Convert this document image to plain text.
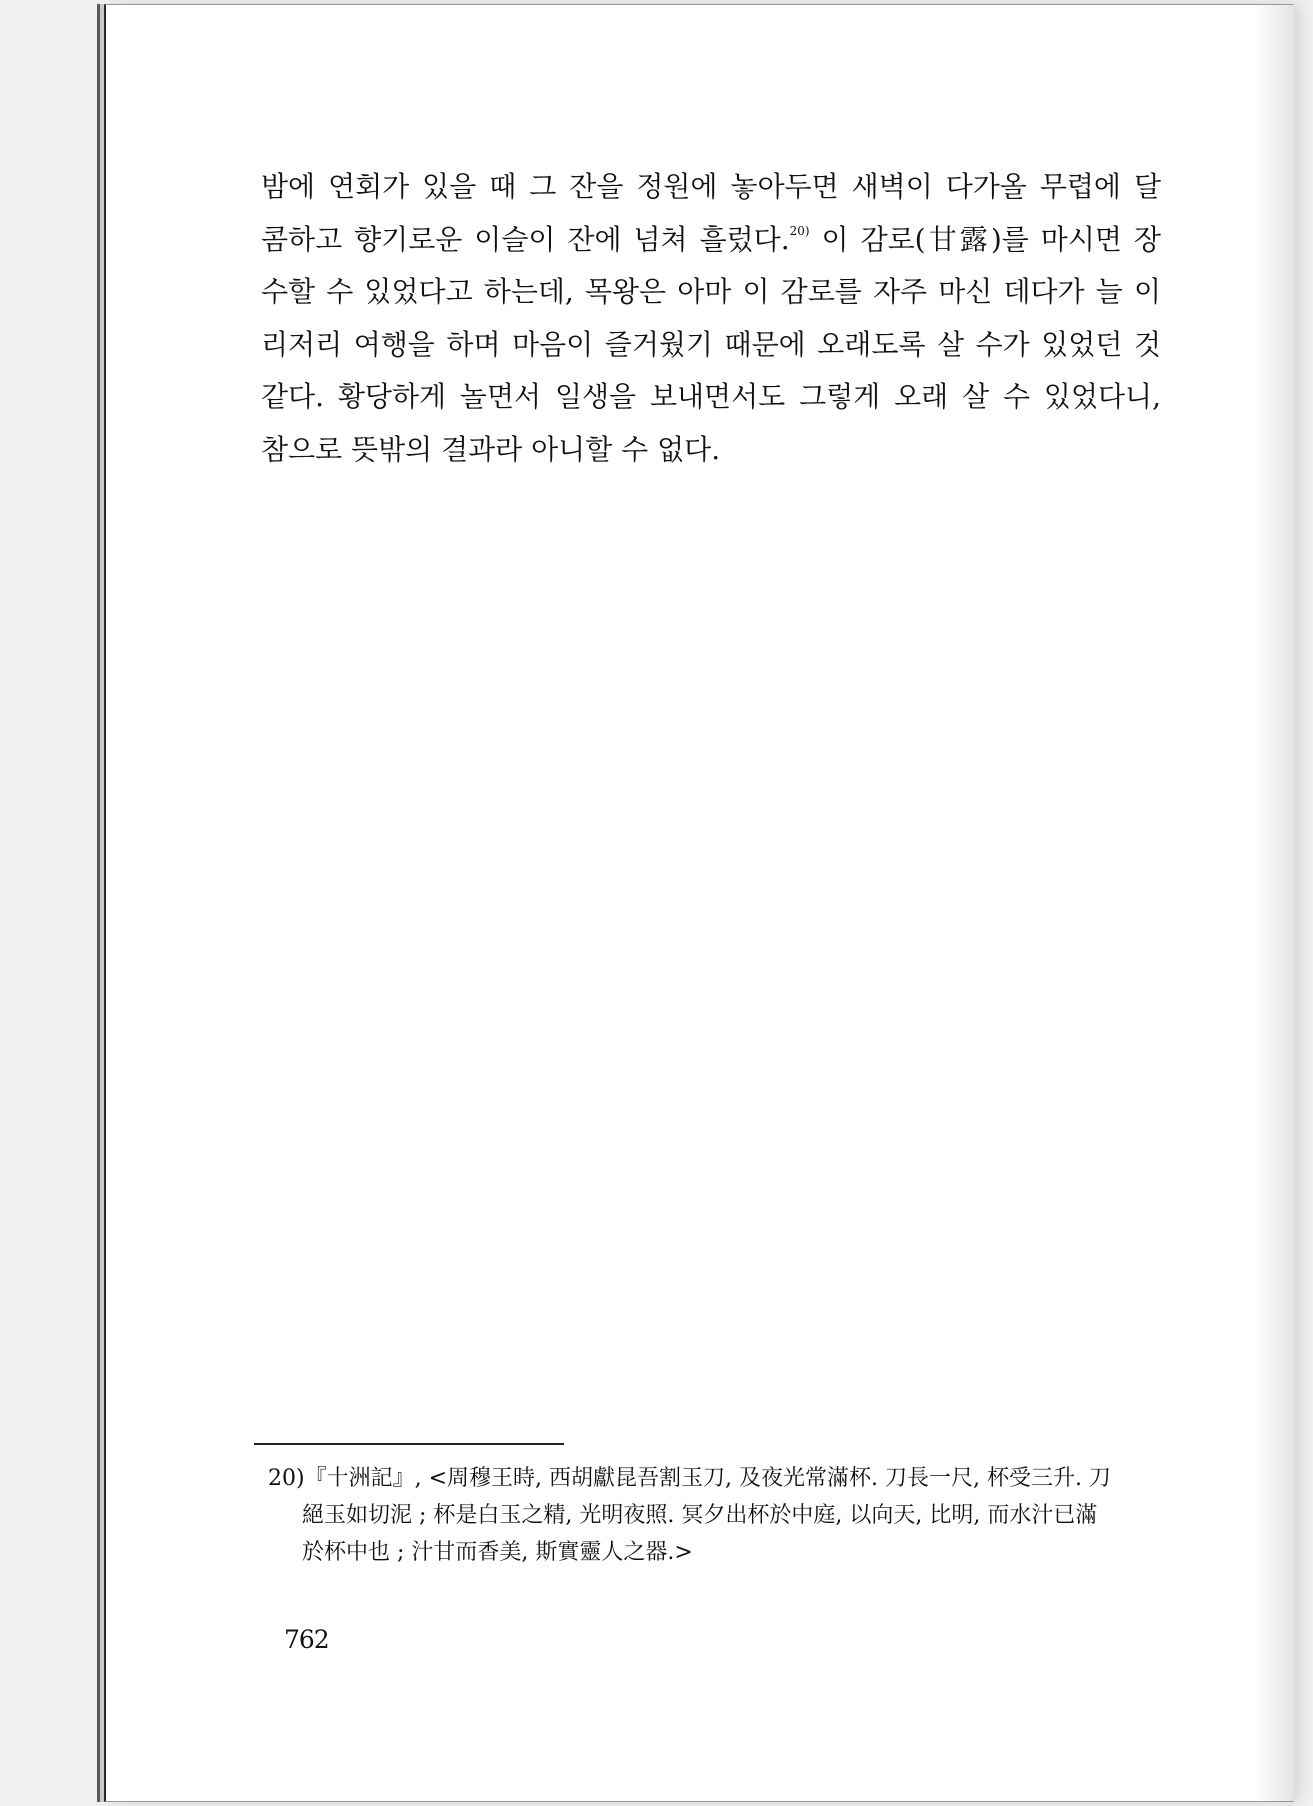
밤에 연회가 있을 때 그 잔을 정원에 놓아두면 새벽이 다가올 무렵에 달
콤하고 향기로운 이슬이 잔에 넘쳐 흘렀다.$^{20)}$ 이 감로(甘露)를 마시면 장
수할 수 있었다고 하는데, 목왕은 아마 이 감로를 자주 마신 데다가 늘 이
리저리 여행을 하며 마음이 즐거웠기 때문에 오래도록 살 수가 있었던 것
같다. 황당하게 놀면서 일생을 보내면서도 그렇게 오래 살 수 있었다니,
참으로 뜻밖의 결과라 아니할 수 없다.
20)『十洲記』, <周穆王時, 西胡獻昆吾割玉刀, 及夜光常滿杯. 刀長一尺, 杯受三升. 刀
絕玉如切泥 ; 杯是白玉之精, 光明夜照. 冥夕出杯於中庭, 以向天, 比明, 而水汁已滿
於杯中也 ; 汁甘而香美, 斯實靈人之器.>
762
